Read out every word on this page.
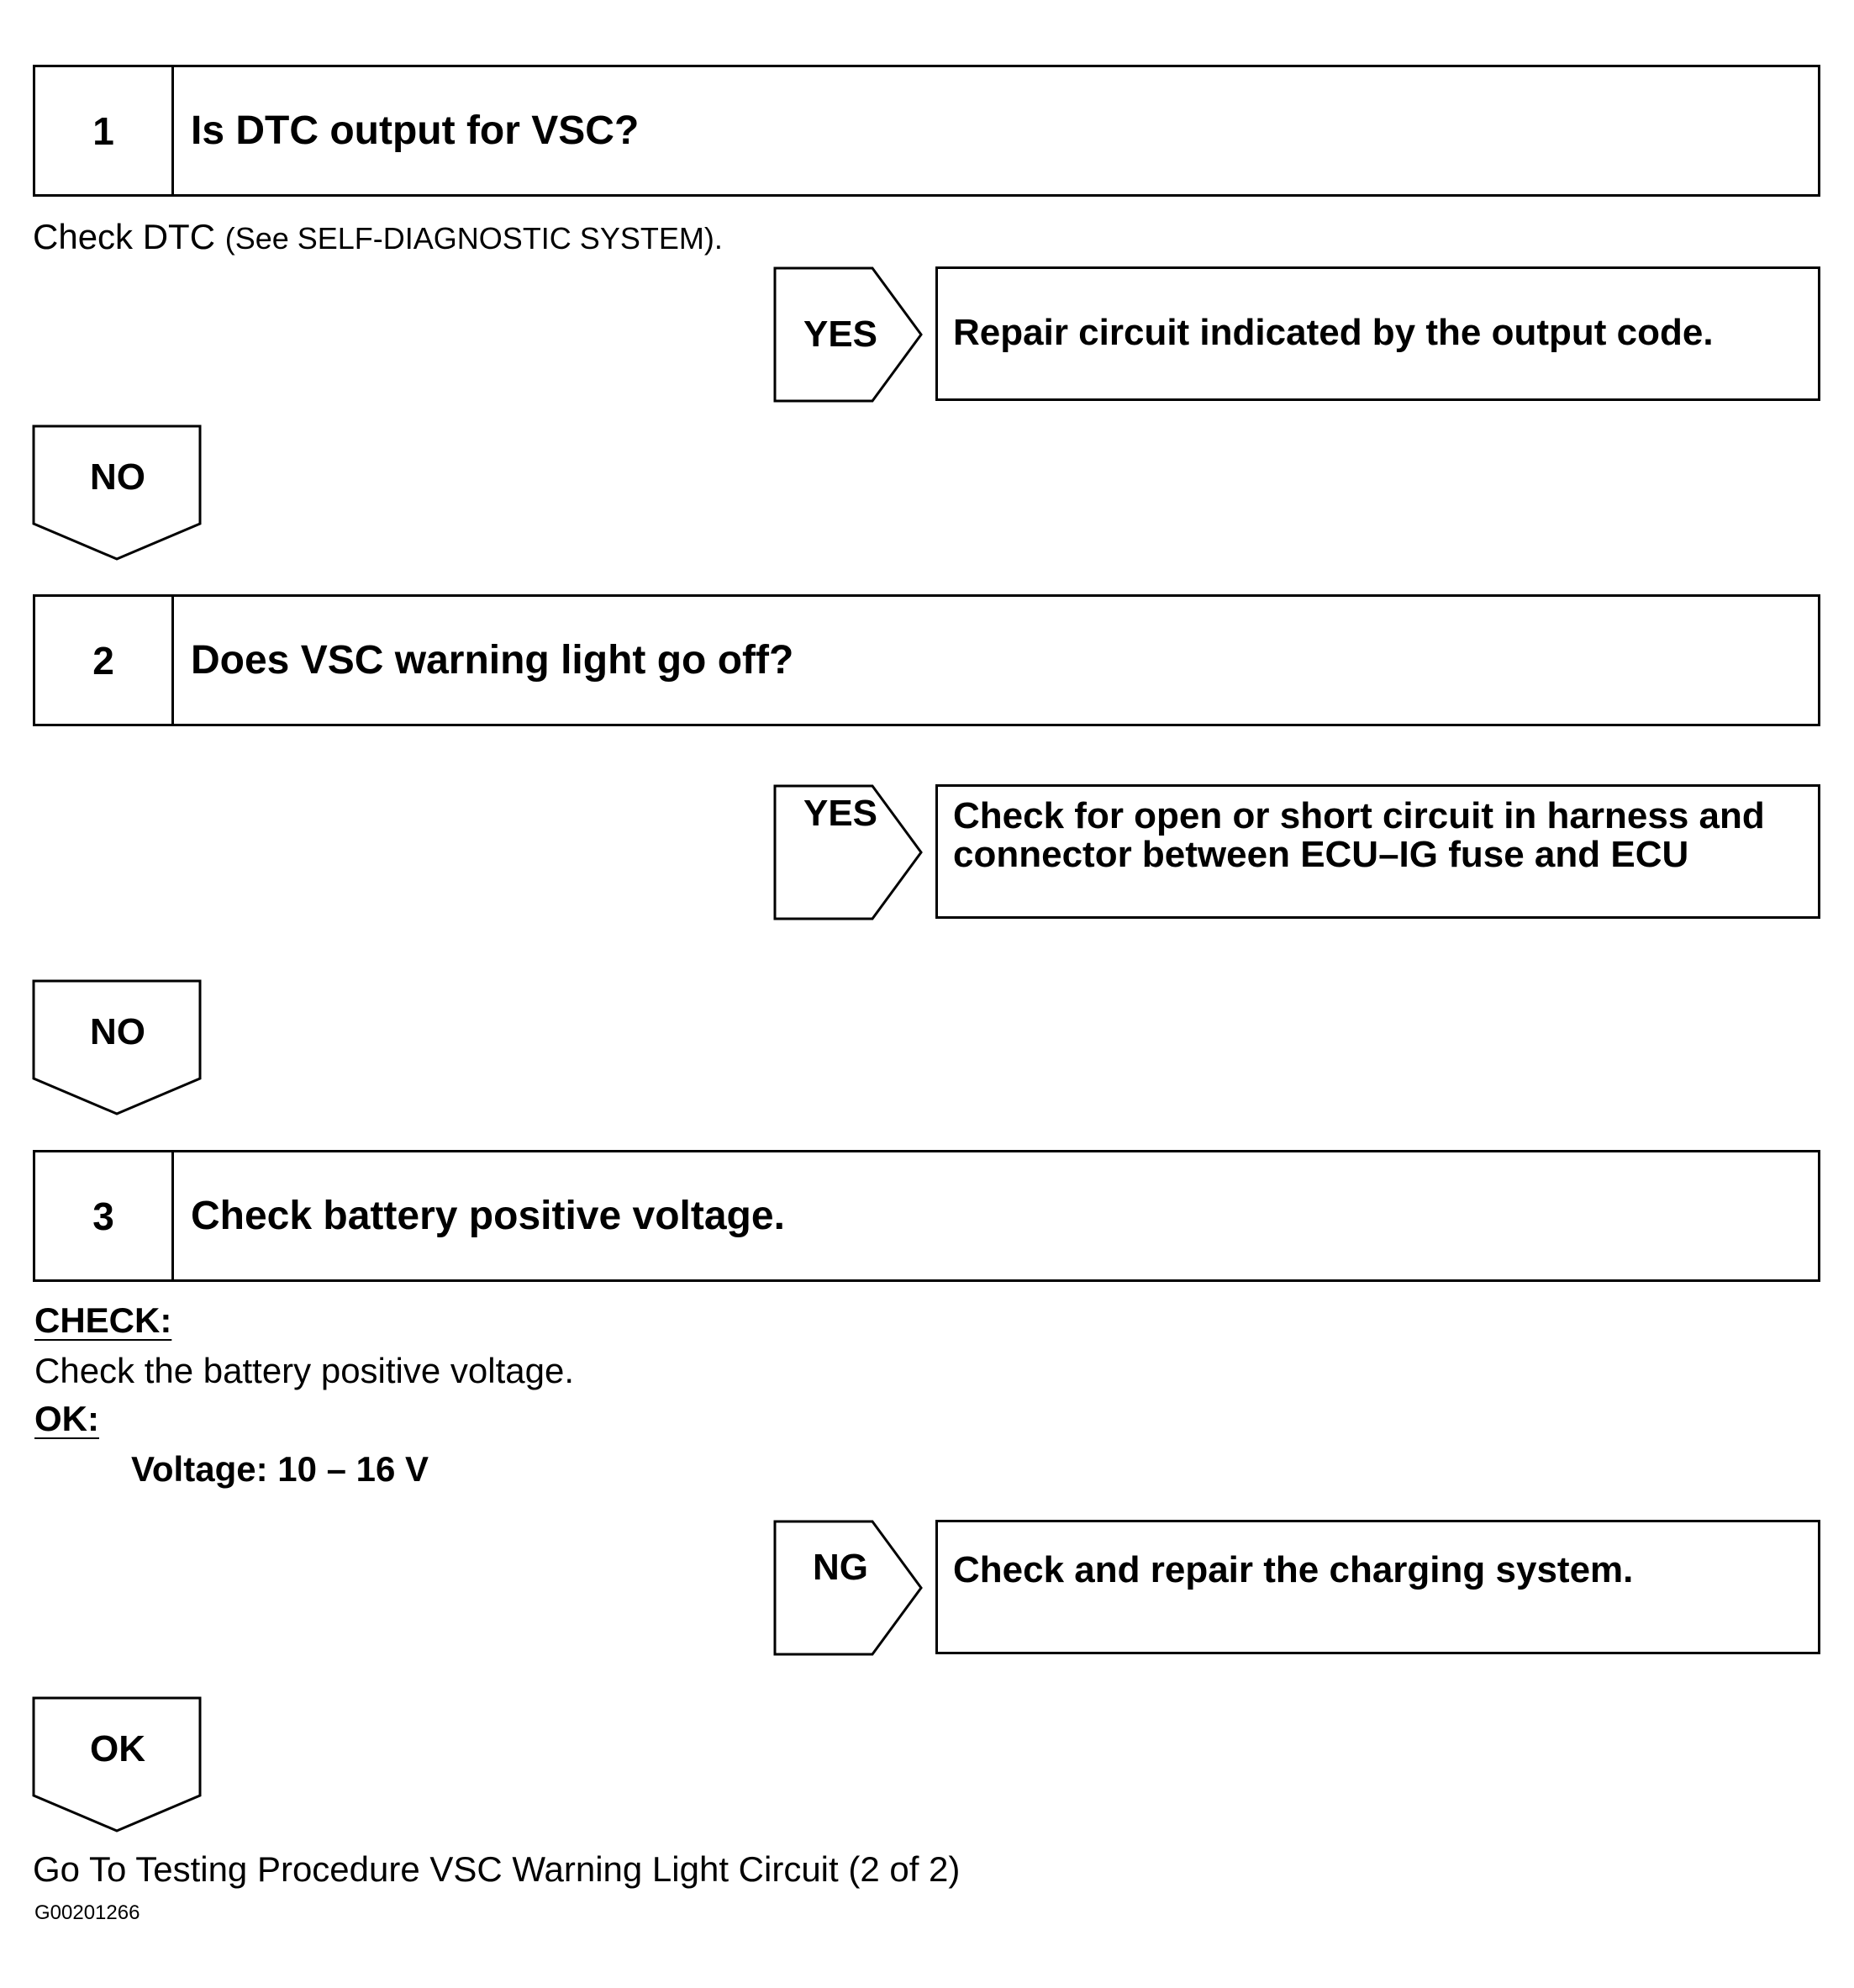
1	Is DTC output for VSC?
Check DTC (See SELF-DIAGNOSTIC SYSTEM).
YES	Repair circuit indicated by the output code.
NO
2	Does VSC warning light go off?
YES	Check for open or short circuit in harness and
connector between ECU–IG fuse and ECU
NO
3	Check battery positive voltage.
CHECK:
Check the battery positive voltage.
OK:
Voltage: 10 – 16 V
NG	Check and repair the charging system.
OK
Go To Testing Procedure VSC Warning Light Circuit (2 of 2)
G00201266
